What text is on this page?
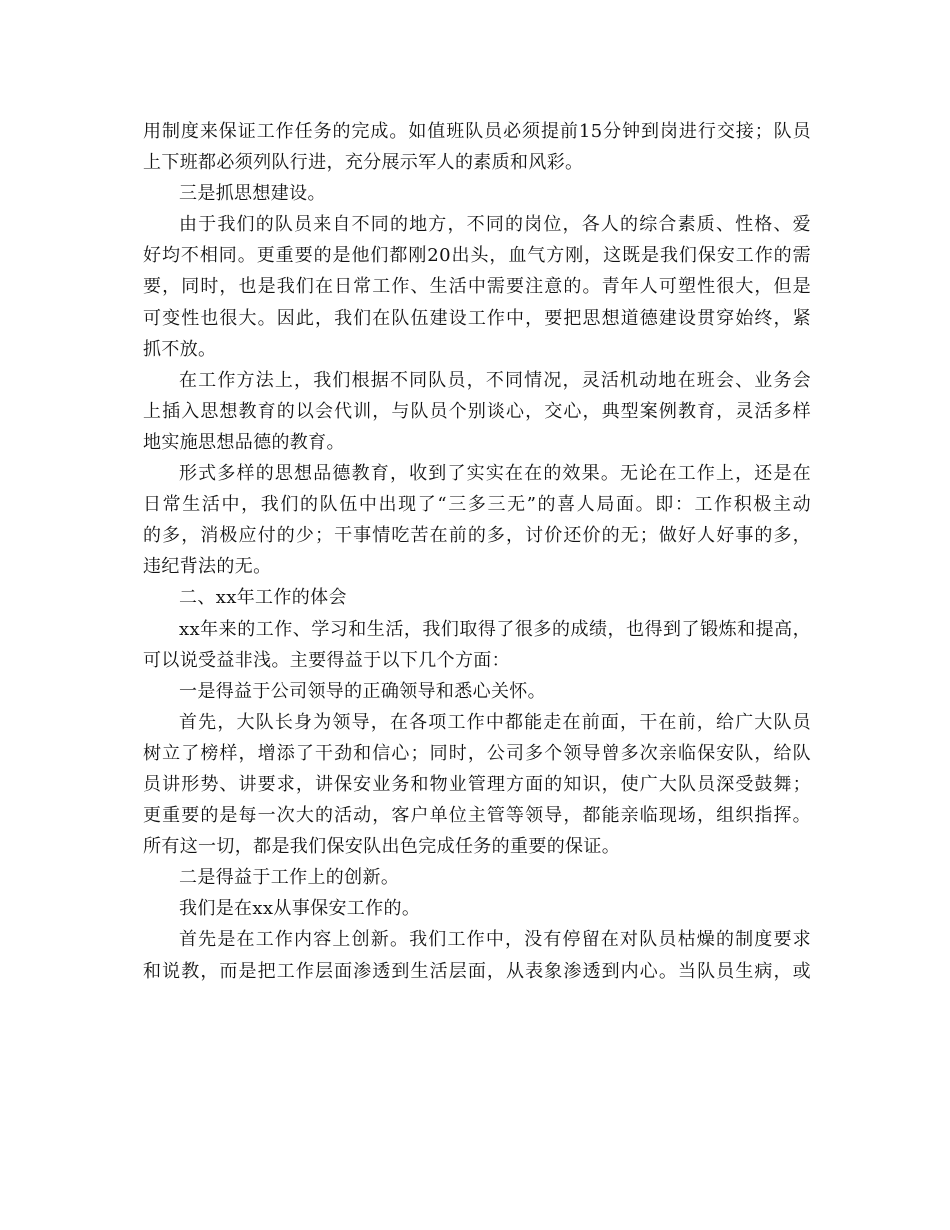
用制度来保证工作任务的完成。如值班队员必须提前15分钟到岗进行交接；队员
上下班都必须列队行进，充分展示军人的素质和风彩。
三是抓思想建设。
由于我们的队员来自不同的地方，不同的岗位，各人的综合素质、性格、爱
好均不相同。更重要的是他们都刚20出头，血气方刚，这既是我们保安工作的需
要，同时，也是我们在日常工作、生活中需要注意的。青年人可塑性很大，但是
可变性也很大。因此，我们在队伍建设工作中，要把思想道德建设贯穿始终，紧
抓不放。
在工作方法上，我们根据不同队员，不同情况，灵活机动地在班会、业务会
上插入思想教育的以会代训，与队员个别谈心，交心，典型案例教育，灵活多样
地实施思想品德的教育。
形式多样的思想品德教育，收到了实实在在的效果。无论在工作上，还是在
日常生活中，我们的队伍中出现了“三多三无”的喜人局面。即：工作积极主动
的多，消极应付的少；干事情吃苦在前的多，讨价还价的无；做好人好事的多，
违纪背法的无。
二、xx年工作的体会
xx年来的工作、学习和生活，我们取得了很多的成绩，也得到了锻炼和提高，
可以说受益非浅。主要得益于以下几个方面：
一是得益于公司领导的正确领导和悉心关怀。
首先，大队长身为领导，在各项工作中都能走在前面，干在前，给广大队员
树立了榜样，增添了干劲和信心；同时，公司多个领导曾多次亲临保安队，给队
员讲形势、讲要求，讲保安业务和物业管理方面的知识，使广大队员深受鼓舞；
更重要的是每一次大的活动，客户单位主管等领导，都能亲临现场，组织指挥。
所有这一切，都是我们保安队出色完成任务的重要的保证。
二是得益于工作上的创新。
我们是在xx从事保安工作的。
首先是在工作内容上创新。我们工作中，没有停留在对队员枯燥的制度要求
和说教，而是把工作层面渗透到生活层面，从表象渗透到内心。当队员生病，或
